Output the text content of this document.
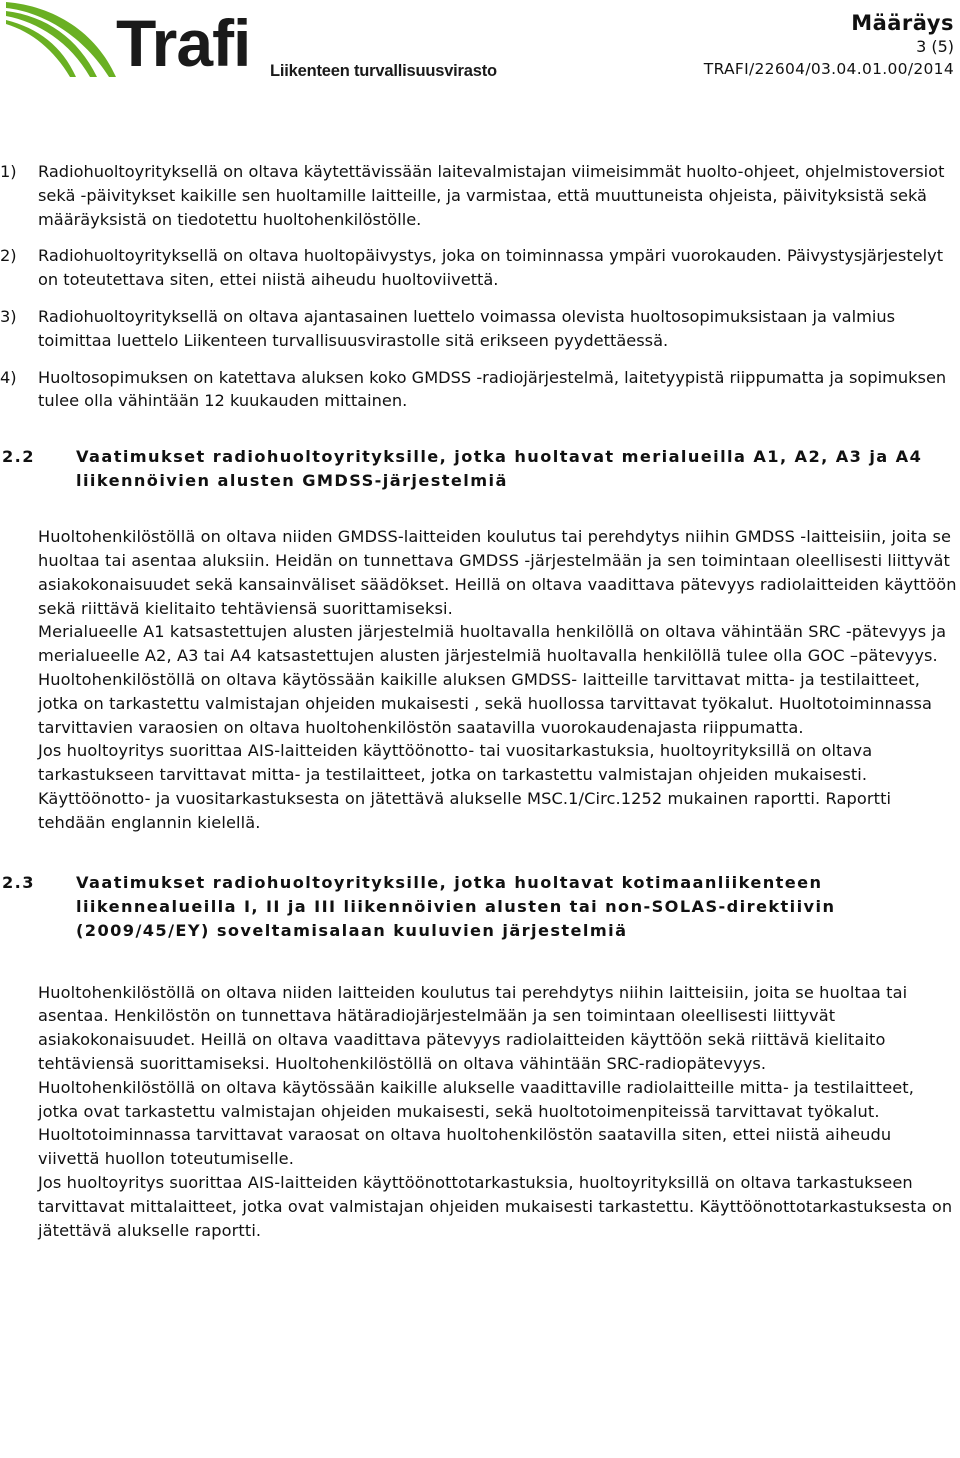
Trafi Liikenteen turvallisuusvirasto
Määräys
3 (5)
TRAFI/22604/03.04.01.00/2014
1)	Radiohuoltoyrityksellä on oltava käytettävissään laitevalmistajan viimeisimmät huolto-ohjeet, ohjelmistoversiot sekä -päivitykset kaikille sen huoltamille laitteille, ja varmistaa, että muuttuneista ohjeista, päivityksistä sekä määräyksistä on tiedotettu huoltohenkilöstölle.

2)	Radiohuoltoyrityksellä on oltava huoltopäivystys, joka on toiminnassa ympäri vuorokauden. Päivystysjärjestelyt on toteutettava siten, ettei niistä aiheudu huoltoviivettä.

3)	Radiohuoltoyrityksellä on oltava ajantasainen luettelo voimassa olevista huoltosopimuksistaan ja valmius toimittaa luettelo Liikenteen turvallisuusvirastolle sitä erikseen pyydettäessä.

4)	Huoltosopimuksen on katettava aluksen koko GMDSS -radiojärjestelmä, laitetyypistä riippumatta ja sopimuksen tulee olla vähintään 12 kuukauden mittainen.

2.2	Vaatimukset radiohuoltoyrityksille, jotka huoltavat merialueilla A1, A2, A3 ja A4 liikennöivien alusten GMDSS-järjestelmiä

Huoltohenkilöstöllä on oltava niiden GMDSS-laitteiden koulutus tai perehdytys niihin GMDSS -laitteisiin, joita se huoltaa tai asentaa aluksiin. Heidän on tunnettava GMDSS -järjestelmään ja sen toimintaan oleellisesti liittyvät asiakokonaisuudet sekä kansainväliset säädökset. Heillä on oltava vaadittava pätevyys radiolaitteiden käyttöön sekä riittävä kielitaito tehtäviensä suorittamiseksi.

Merialueelle A1 katsastettujen alusten järjestelmiä huoltavalla henkilöllä on oltava vähintään SRC -pätevyys ja merialueelle A2, A3 tai A4 katsastettujen alusten järjestelmiä huoltavalla henkilöllä tulee olla GOC –pätevyys.

Huoltohenkilöstöllä on oltava käytössään kaikille aluksen GMDSS- laitteille tarvittavat mitta- ja testilaitteet, jotka on tarkastettu valmistajan ohjeiden mukaisesti , sekä huollossa tarvittavat työkalut. Huoltotoiminnassa tarvittavien varaosien on oltava huoltohenkilöstön saatavilla vuorokaudenajasta riippumatta.

Jos huoltoyritys suorittaa AIS-laitteiden käyttöönotto- tai vuositarkastuksia, huoltoyrityksillä on oltava tarkastukseen tarvittavat mitta- ja testilaitteet, jotka on tarkastettu valmistajan ohjeiden mukaisesti. Käyttöönotto- ja vuositarkastuksesta on jätettävä alukselle MSC.1/Circ.1252 mukainen raportti. Raportti tehdään englannin kielellä.

2.3	Vaatimukset radiohuoltoyrityksille, jotka huoltavat kotimaanliikenteen liikennealueilla I, II ja III liikennöivien alusten tai non-SOLAS-direktiivin (2009/45/EY) soveltamisalaan kuuluvien järjestelmiä

Huoltohenkilöstöllä on oltava niiden laitteiden koulutus tai perehdytys niihin laitteisiin, joita se huoltaa tai asentaa. Henkilöstön on tunnettava hätäradiojärjestelmään ja sen toimintaan oleellisesti liittyvät asiakokonaisuudet. Heillä on oltava vaadittava pätevyys radiolaitteiden käyttöön sekä riittävä kielitaito tehtäviensä suorittamiseksi. Huoltohenkilöstöllä on oltava vähintään SRC-radiopätevyys.

Huoltohenkilöstöllä on oltava käytössään kaikille alukselle vaadittaville radiolaitteille mitta- ja testilaitteet, jotka ovat tarkastettu valmistajan ohjeiden mukaisesti, sekä huoltotoimenpiteissä tarvittavat työkalut. Huoltotoiminnassa tarvittavat varaosat on oltava huoltohenkilöstön saatavilla siten, ettei niistä aiheudu viivettä huollon toteutumiselle.

Jos huoltoyritys suorittaa AIS-laitteiden käyttöönottotarkastuksia, huoltoyrityksillä on oltava tarkastukseen tarvittavat mittalaitteet, jotka ovat valmistajan ohjeiden mukaisesti tarkastettu. Käyttöönottotarkastuksesta on jätettävä alukselle raportti.
